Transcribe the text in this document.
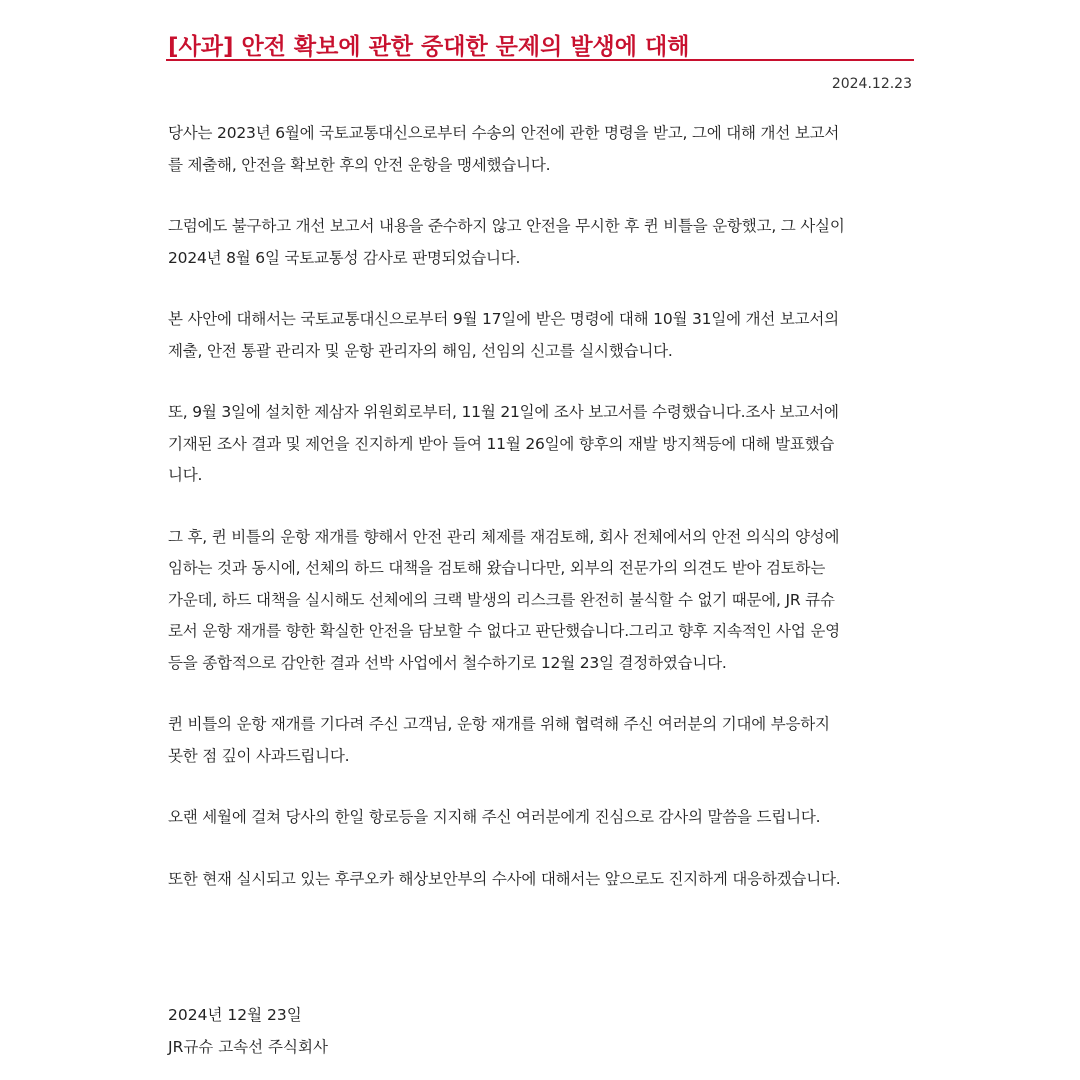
[사과] 안전 확보에 관한 중대한 문제의 발생에 대해
2024.12.23

당사는 2023년 6월에 국토교통대신으로부터 수송의 안전에 관한 명령을 받고, 그에 대해 개선 보고서
를 제출해, 안전을 확보한 후의 안전 운항을 맹세했습니다.

그럼에도 불구하고 개선 보고서 내용을 준수하지 않고 안전을 무시한 후 퀸 비틀을 운항했고, 그 사실이
2024년 8월 6일 국토교통성 감사로 판명되었습니다.

본 사안에 대해서는 국토교통대신으로부터 9월 17일에 받은 명령에 대해 10월 31일에 개선 보고서의
제출, 안전 통괄 관리자 및 운항 관리자의 해임, 선임의 신고를 실시했습니다.

또, 9월 3일에 설치한 제삼자 위원회로부터, 11월 21일에 조사 보고서를 수령했습니다.조사 보고서에
기재된 조사 결과 및 제언을 진지하게 받아 들여 11월 26일에 향후의 재발 방지책등에 대해 발표했습
니다.

그 후, 퀸 비틀의 운항 재개를 향해서 안전 관리 체제를 재검토해, 회사 전체에서의 안전 의식의 양성에
임하는 것과 동시에, 선체의 하드 대책을 검토해 왔습니다만, 외부의 전문가의 의견도 받아 검토하는
가운데, 하드 대책을 실시해도 선체에의 크랙 발생의 리스크를 완전히 불식할 수 없기 때문에, JR 큐슈
로서 운항 재개를 향한 확실한 안전을 담보할 수 없다고 판단했습니다.그리고 향후 지속적인 사업 운영
등을 종합적으로 감안한 결과 선박 사업에서 철수하기로 12월 23일 결정하였습니다.

퀸 비틀의 운항 재개를 기다려 주신 고객님, 운항 재개를 위해 협력해 주신 여러분의 기대에 부응하지
못한 점 깊이 사과드립니다.

오랜 세월에 걸쳐 당사의 한일 항로등을 지지해 주신 여러분에게 진심으로 감사의 말씀을 드립니다.

또한 현재 실시되고 있는 후쿠오카 해상보안부의 수사에 대해서는 앞으로도 진지하게 대응하겠습니다.

2024년 12월 23일
JR규슈 고속선 주식회사
